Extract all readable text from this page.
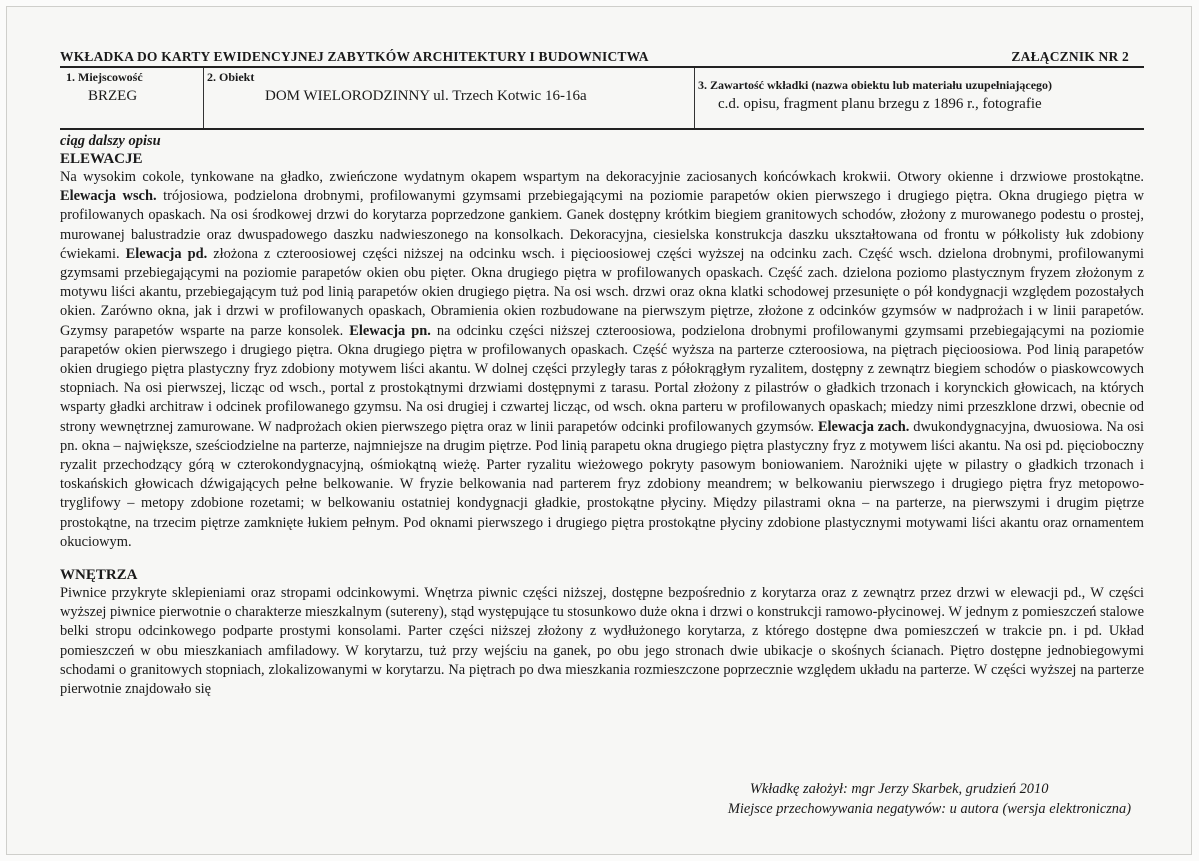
WKŁADKA DO KARTY EWIDENCYJNEJ ZABYTKÓW ARCHITEKTURY I BUDOWNICTWA	ZAŁĄCZNIK NR 2
1. Miejscowość
BRZEG
2. Obiekt
DOM WIELORODZINNY ul. Trzech Kotwic 16-16a
3. Zawartość wkładki (nazwa obiektu lub materiału uzupełniającego)
c.d. opisu, fragment planu brzegu z 1896 r., fotografie
ciąg dalszy opisu
ELEWACJE

Na wysokim cokole, tynkowane na gładko, zwieńczone wydatnym okapem wspartym na dekoracyjnie zaciosanych końcówkach krokwii. Otwory okienne i drzwiowe prostokątne. Elewacja wsch. trójosiowa, podzielona drobnymi, profilowanymi gzymsami przebiegającymi na poziomie parapetów okien pierwszego i drugiego piętra. Okna drugiego piętra w profilowanych opaskach. Na osi środkowej drzwi do korytarza poprzedzone gankiem. Ganek dostępny krótkim biegiem granitowych schodów, złożony z murowanego podestu o prostej, murowanej balustradzie oraz dwuspadowego daszku nadwieszonego na konsolkach. Dekoracyjna, ciesielska konstrukcja daszku ukształtowana od frontu w półkolisty łuk zdobiony ćwiekami. Elewacja pd. złożona z czteroosiowej części niższej na odcinku wsch. i pięcioosiowej części wyższej na odcinku zach. Część wsch. dzielona drobnymi, profilowanymi gzymsami przebiegającymi na poziomie parapetów okien obu pięter. Okna drugiego piętra w profilowanych opaskach. Część zach. dzielona poziomo plastycznym fryzem złożonym z motywu liści akantu, przebiegającym tuż pod linią parapetów okien drugiego piętra. Na osi wsch. drzwi oraz okna klatki schodowej przesunięte o pół kondygnacji względem pozostałych okien. Zarówno okna, jak i drzwi w profilowanych opaskach, Obramienia okien rozbudowane na pierwszym piętrze, złożone z odcinków gzymsów w nadprożach i w linii parapetów. Gzymsy parapetów wsparte na parze konsolek. Elewacja pn. na odcinku części niższej czteroosiowa, podzielona drobnymi profilowanymi gzymsami przebiegającymi na poziomie parapetów okien pierwszego i drugiego piętra. Okna drugiego piętra w profilowanych opaskach. Część wyższa na parterze czteroosiowa, na piętrach pięcioosiowa. Pod linią parapetów okien drugiego piętra plastyczny fryz zdobiony motywem liści akantu. W dolnej części przyległy taras z półokrągłym ryzalitem, dostępny z zewnątrz biegiem schodów o piaskowcowych stopniach. Na osi pierwszej, licząc od wsch., portal z prostokątnymi drzwiami dostępnymi z tarasu. Portal złożony z pilastrów o gładkich trzonach i korynckich głowicach, na których wsparty gładki architraw i odcinek profilowanego gzymsu. Na osi drugiej i czwartej licząc, od wsch. okna parteru w profilowanych opaskach; miedzy nimi przeszklone drzwi, obecnie od strony wewnętrznej zamurowane. W nadprożach okien pierwszego piętra oraz w linii parapetów odcinki profilowanych gzymsów. Elewacja zach. dwukondygnacyjna, dwuosiowa. Na osi pn. okna – największe, sześciodzielne na parterze, najmniejsze na drugim piętrze. Pod linią parapetu okna drugiego piętra plastyczny fryz z motywem liści akantu. Na osi pd. pięcioboczny ryzalit przechodzący górą w czterokondygnacyjną, ośmiokątną wieżę. Parter ryzalitu wieżowego pokryty pasowym boniowaniem. Narożniki ujęte w pilastry o gładkich trzonach i toskańskich głowicach dźwigających pełne belkowanie. W fryzie belkowania nad parterem fryz zdobiony meandrem; w belkowaniu pierwszego i drugiego piętra fryz metopowo-tryglifowy – metopy zdobione rozetami; w belkowaniu ostatniej kondygnacji gładkie, prostokątne płyciny. Między pilastrami okna – na parterze, na pierwszymi i drugim piętrze prostokątne, na trzecim piętrze zamknięte łukiem pełnym. Pod oknami pierwszego i drugiego piętra prostokątne płyciny zdobione plastycznymi motywami liści akantu oraz ornamentem okuciowym.

WNĘTRZA

Piwnice przykryte sklepieniami oraz stropami odcinkowymi. Wnętrza piwnic części niższej, dostępne bezpośrednio z korytarza oraz z zewnątrz przez drzwi w elewacji pd., W części wyższej piwnice pierwotnie o charakterze mieszkalnym (sutereny), stąd występujące tu stosunkowo duże okna i drzwi o konstrukcji ramowo-płycinowej. W jednym z pomieszczeń stalowe belki stropu odcinkowego podparte prostymi konsolami. Parter części niższej złożony z wydłużonego korytarza, z którego dostępne dwa pomieszczeń w trakcie pn. i pd. Układ pomieszczeń w obu mieszkaniach amfiladowy. W korytarzu, tuż przy wejściu na ganek, po obu jego stronach dwie ubikacje o skośnych ścianach. Piętro dostępne jednobiegowymi schodami o granitowych stopniach, zlokalizowanymi w korytarzu. Na piętrach po dwa mieszkania rozmieszczone poprzecznie względem układu na parterze. W części wyższej na parterze pierwotnie znajdowało się

Wkładkę założył: mgr Jerzy Skarbek, grudzień 2010
Miejsce przechowywania negatywów: u autora (wersja elektroniczna)
